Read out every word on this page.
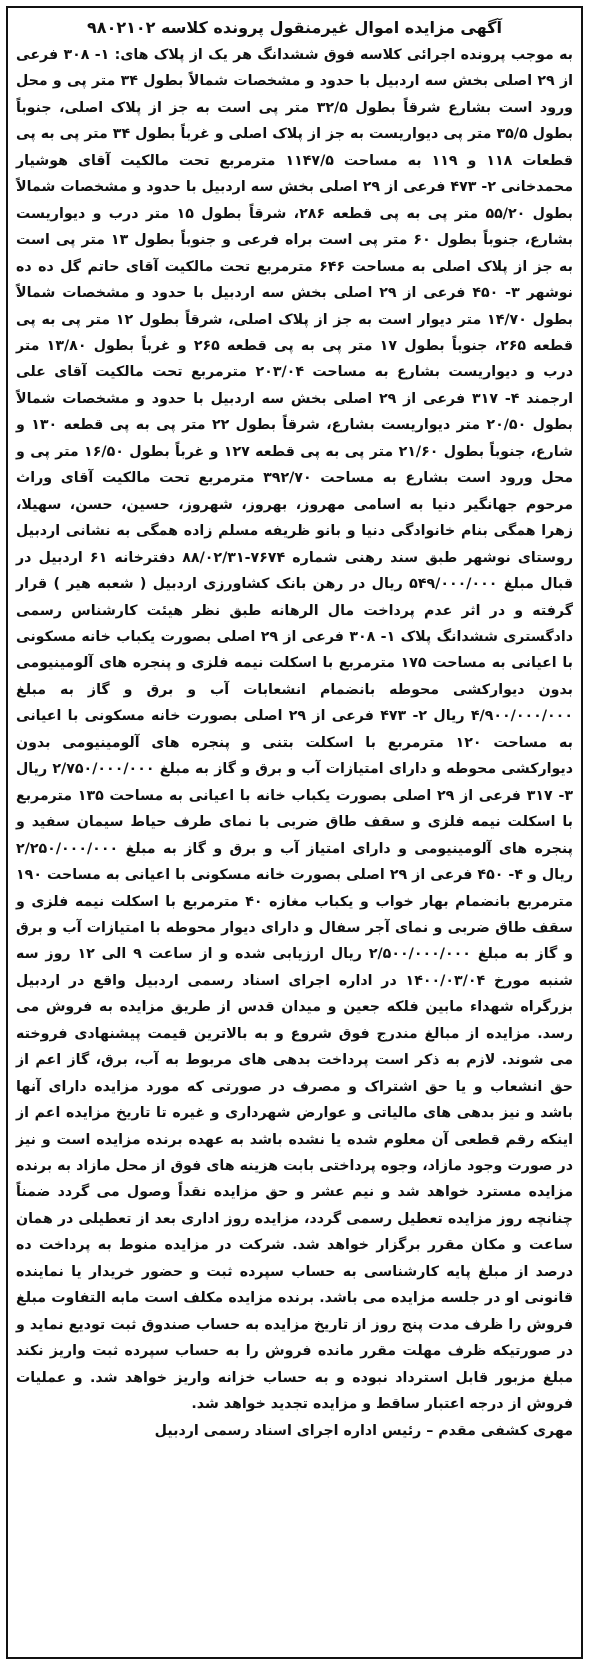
آگهی مزایده اموال غیرمنقول پرونده کلاسه ۹۸۰۲۱۰۲

به موجب پرونده اجرائی کلاسه فوق ششدانگ هر یک از پلاک های: ۱- ۳۰۸ فرعی از ۲۹ اصلی بخش سه اردبیل با حدود و مشخصات شمالاً بطول ۳۴ متر پی و محل ورود است بشارع شرقاً بطول ۳۲/۵ متر پی است به جز از پلاک اصلی، جنوباً بطول ۳۵/۵ متر پی دیواریست به جز از پلاک اصلی و غرباً بطول ۳۴ متر پی به پی قطعات ۱۱۸ و ۱۱۹ به مساحت ۱۱۴۷/۵ مترمربع تحت مالکیت آقای هوشیار محمدخانی ۲- ۴۷۳ فرعی از ۲۹ اصلی بخش سه اردبیل با حدود و مشخصات شمالاً بطول ۵۵/۲۰ متر پی به پی قطعه ۲۸۶، شرقاً بطول ۱۵ متر درب و دیواریست بشارع، جنوباً بطول ۶۰ متر پی است براه فرعی و جنوباً بطول ۱۳ متر پی است به جز از پلاک اصلی به مساحت ۶۴۶ مترمربع تحت مالکیت آقای حاتم گل ده ده نوشهر ۳- ۴۵۰ فرعی از ۲۹ اصلی بخش سه اردبیل با حدود و مشخصات شمالاً بطول ۱۴/۷۰ متر دیوار است به جز از پلاک اصلی، شرقاً بطول ۱۲ متر پی به پی قطعه ۲۶۵، جنوباً بطول ۱۷ متر پی به پی قطعه ۲۶۵ و غرباً بطول ۱۳/۸۰ متر درب و دیواریست بشارع به مساحت ۲۰۳/۰۴ مترمربع تحت مالکیت آقای علی ارجمند ۴- ۳۱۷ فرعی از ۲۹ اصلی بخش سه اردبیل با حدود و مشخصات شمالاً بطول ۲۰/۵۰ متر دیواریست بشارع، شرقاً بطول ۲۲ متر پی به پی قطعه ۱۳۰ و شارع، جنوباً بطول ۲۱/۶۰ متر پی به پی قطعه ۱۲۷ و غرباً بطول ۱۶/۵۰ متر پی و محل ورود است بشارع به مساحت ۳۹۲/۷۰ مترمربع تحت مالکیت آقای وراث مرحوم جهانگیر دنیا به اسامی مهروز، بهروز، شهروز، حسین، حسن، سهیلا، زهرا همگی بنام خانوادگی دنیا و بانو ظریفه مسلم زاده همگی به نشانی اردبیل روستای نوشهر طبق سند رهنی شماره ۷۶۷۴-۸۸/۰۲/۳۱ دفترخانه ۶۱ اردبیل در قبال مبلغ ۵۴۹/۰۰۰/۰۰۰ ریال در رهن بانک کشاورزی اردبیل ( شعبه هیر ) قرار گرفته و در اثر عدم پرداخت مال الرهانه طبق نظر هیئت کارشناس رسمی دادگستری ششدانگ پلاک ۱- ۳۰۸ فرعی از ۲۹ اصلی بصورت یکباب خانه مسکونی با اعیانی به مساحت ۱۷۵ مترمربع با اسکلت نیمه فلزی و پنجره های آلومینیومی بدون دیوارکشی محوطه بانضمام انشعابات آب و برق و گاز به مبلغ ۴/۹۰۰/۰۰۰/۰۰۰ ریال ۲- ۴۷۳ فرعی از ۲۹ اصلی بصورت خانه مسکونی با اعیانی به مساحت ۱۲۰ مترمربع با اسکلت بتنی و پنجره های آلومینیومی بدون دیوارکشی محوطه و دارای امتیازات آب و برق و گاز به مبلغ ۲/۷۵۰/۰۰۰/۰۰۰ ریال ۳- ۳۱۷ فرعی از ۲۹ اصلی بصورت یکباب خانه با اعیانی به مساحت ۱۳۵ مترمربع با اسکلت نیمه فلزی و سقف طاق ضربی با نمای طرف حیاط سیمان سفید و پنجره های آلومینیومی و دارای امتیاز آب و برق و گاز به مبلغ ۲/۲۵۰/۰۰۰/۰۰۰ ریال و ۴- ۴۵۰ فرعی از ۲۹ اصلی بصورت خانه مسکونی با اعیانی به مساحت ۱۹۰ مترمربع بانضمام بهار خواب و یکباب مغازه ۴۰ مترمربع با اسکلت نیمه فلزی و سقف طاق ضربی و نمای آجر سفال و دارای دیوار محوطه با امتیازات آب و برق و گاز به مبلغ ۲/۵۰۰/۰۰۰/۰۰۰ ریال ارزیابی شده و از ساعت ۹ الی ۱۲ روز سه شنبه مورخ ۱۴۰۰/۰۳/۰۴ در اداره اجرای اسناد رسمی اردبیل واقع در اردبیل بزرگراه شهداء مابین فلکه جعین و میدان قدس از طریق مزایده به فروش می رسد. مزایده از مبالغ مندرج فوق شروع و به بالاترین قیمت پیشنهادی فروخته می شوند. لازم به ذکر است پرداخت بدهی های مربوط به آب، برق، گاز اعم از حق انشعاب و یا حق اشتراک و مصرف در صورتی که مورد مزایده دارای آنها باشد و نیز بدهی های مالیاتی و عوارض شهرداری و غیره تا تاریخ مزایده اعم از اینکه رقم قطعی آن معلوم شده یا نشده باشد به عهده برنده مزایده است و نیز در صورت وجود مازاد، وجوه پرداختی بابت هزینه های فوق از محل مازاد به برنده مزایده مسترد خواهد شد و نیم عشر و حق مزایده نقداً وصول می گردد ضمناً چنانچه روز مزایده تعطیل رسمی گردد، مزایده روز اداری بعد از تعطیلی در همان ساعت و مکان مقرر برگزار خواهد شد. شرکت در مزایده منوط به پرداخت ده درصد از مبلغ پایه کارشناسی به حساب سپرده ثبت و حضور خریدار یا نماینده قانونی او در جلسه مزایده می باشد. برنده مزایده مکلف است مابه التفاوت مبلغ فروش را ظرف مدت پنج روز از تاریخ مزایده به حساب صندوق ثبت تودیع نماید و در صورتیکه ظرف مهلت مقرر مانده فروش را به حساب سپرده ثبت واریز نکند مبلغ مزبور قابل استرداد نبوده و به حساب خزانه واریز خواهد شد. و عملیات فروش از درجه اعتبار ساقط و مزایده تجدید خواهد شد.

مهری کشفی مقدم – رئیس اداره اجرای اسناد رسمی اردبیل
